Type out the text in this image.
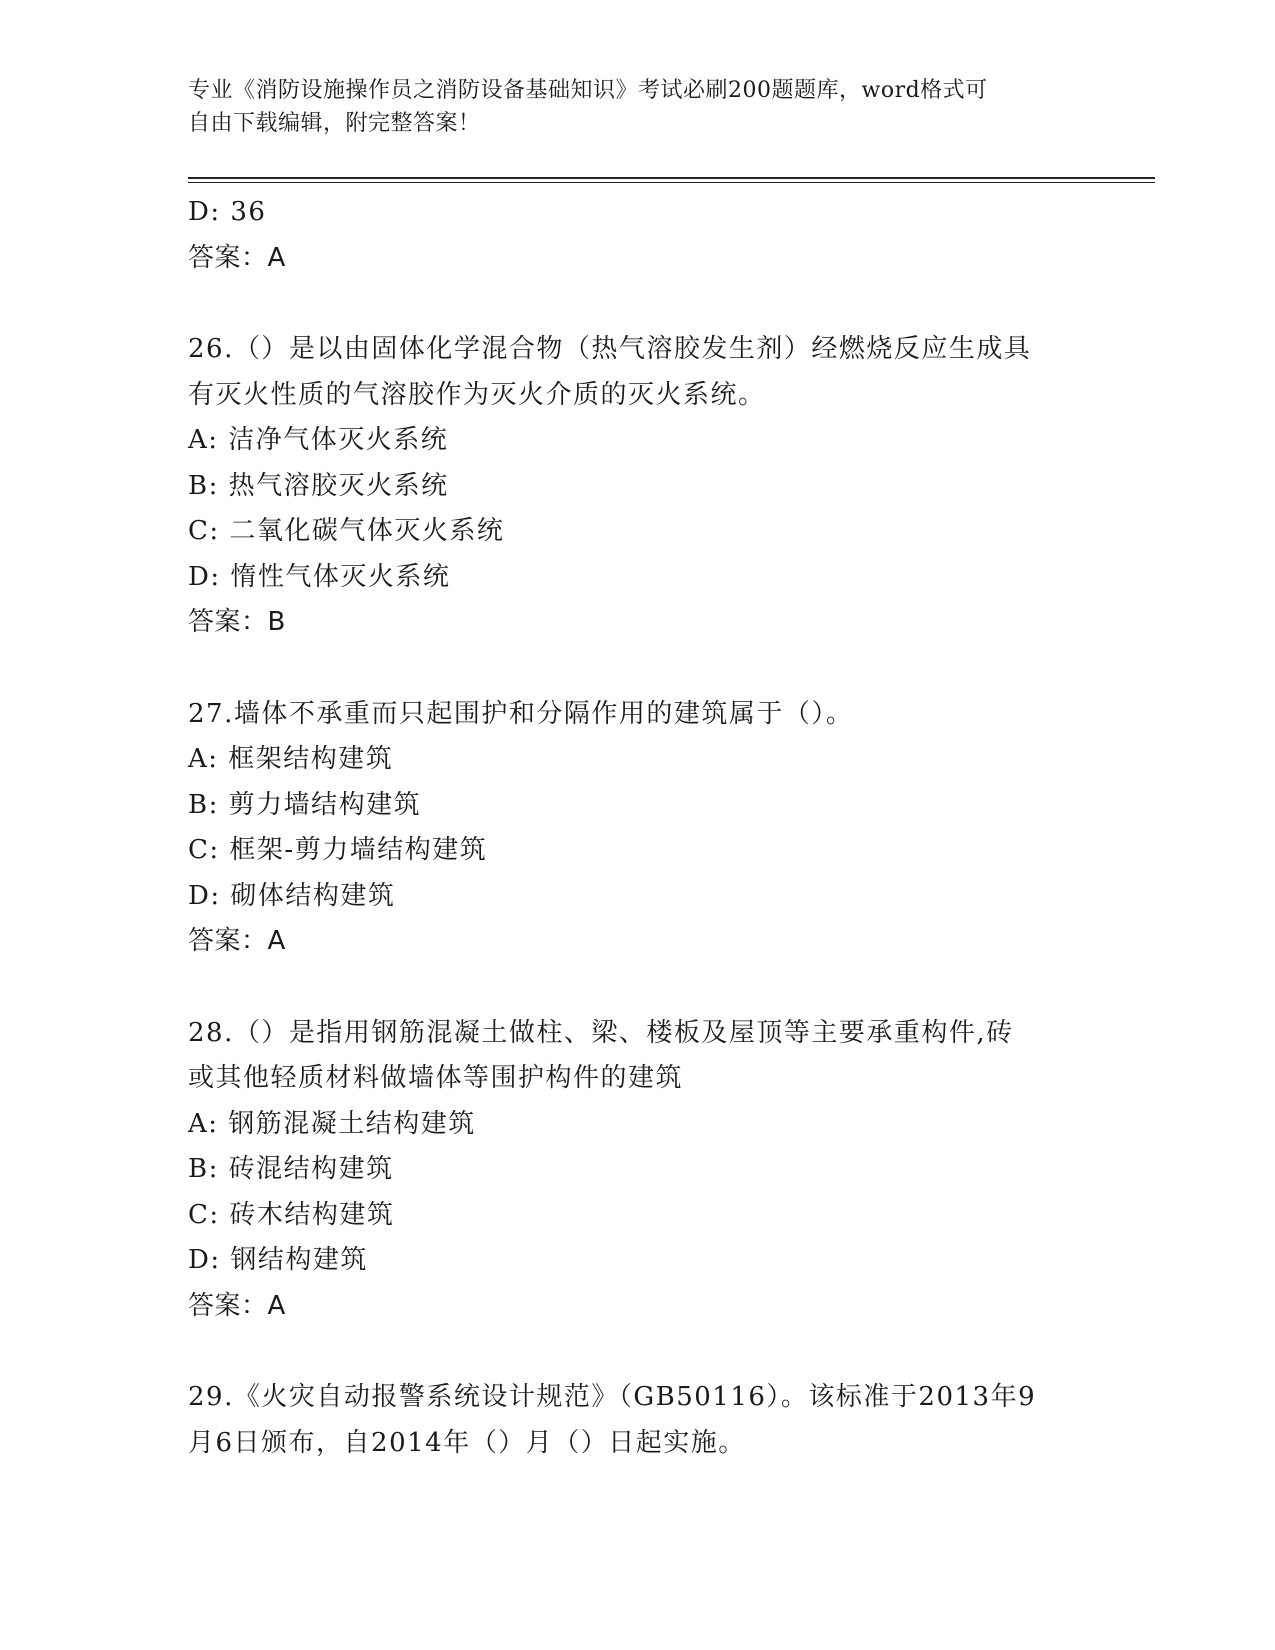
专业《消防设施操作员之消防设备基础知识》考试必刷200题题库，word格式可
自由下载编辑，附完整答案！
D: 36
答案：A
26.（）是以由固体化学混合物（热气溶胶发生剂）经燃烧反应生成具
有灭火性质的气溶胶作为灭火介质的灭火系统。
A: 洁净气体灭火系统
B: 热气溶胶灭火系统
C: 二氧化碳气体灭火系统
D: 惰性气体灭火系统
答案：B
27.墙体不承重而只起围护和分隔作用的建筑属于（）。
A: 框架结构建筑
B: 剪力墙结构建筑
C: 框架-剪力墙结构建筑
D: 砌体结构建筑
答案：A
28.（）是指用钢筋混凝土做柱、梁、楼板及屋顶等主要承重构件,砖
或其他轻质材料做墙体等围护构件的建筑
A: 钢筋混凝土结构建筑
B: 砖混结构建筑
C: 砖木结构建筑
D: 钢结构建筑
答案：A
29.《火灾自动报警系统设计规范》（GB50116）。该标准于2013年9
月6日颁布，自2014年（）月（）日起实施。
